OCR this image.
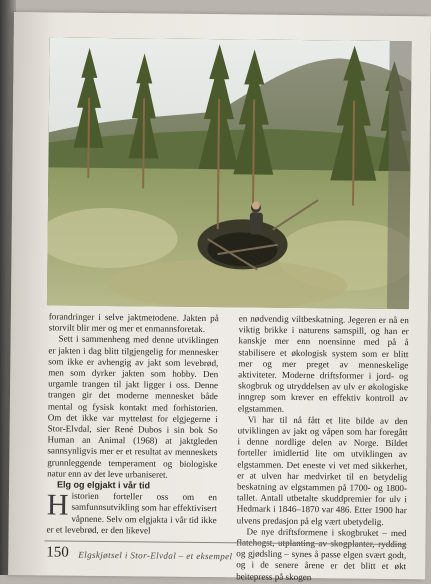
forandringer i selve jaktmetodene. Jakten på storvilt blir mer og mer et enmannsforetak.

Sett i sammenheng med denne utviklingen er jakten i dag blitt tilgjengelig for mennesker som ikke er avhengig av jakt som levebrød, men som dyrker jakten som hobby. Den urgamle trangen til jakt ligger i oss. Denne trangen gir det moderne mennesket både mental og fysisk kontakt med forhistorien. Om det ikke var mytteløst for elgjegerne i Stor-Elvdal, sier René Dubos i sin bok So Human an Animal (1968) at jaktgleden sannsynligvis mer er et resultat av menneskets grunnleggende temperament og biologiske natur enn av det leve urbaniseret.

Elg og elgjakt i vår tid

Historien forteller oss om en samfunnsutvikling som har effektivisert våpnene. Selv om elgjakta i vår tid ikke er et levebrød, er den likevel

en nødvendig viltbeskatning. Jegeren er nå en viktig brikke i naturens samspill, og han er kanskje mer enn noensinne med på å stabilisere et økologisk system som er blitt mer og mer preget av menneskelige aktiviteter. Moderne driftsformer i jord- og skogbruk og utryddelsen av ulv er økologiske inngrep som krever en effektiv kontroll av elgstammen.

Vi har til nå fått et lite bilde av den utviklingen av jakt og våpen som har foregått i denne nordlige delen av Norge. Bildet forteller imidlertid lite om utviklingen av elgstammen. Det eneste vi vet med sikkerhet, er at ulven har medvirket til en betydelig beskatning av elgstammen på 1700- og 1800-tallet. Antall utbetalte skuddpremier for ulv i Hedmark i 1846–1870 var 486. Etter 1900 har ulvens predasjon på elg vært ubetydelig.

De nye driftsformene i skogbruket – med rydding og gjødsling – synes å passe elgen svært godt, og i de senere årene er det blitt et økt beitepress på skogen

150 Elgskjøtsel i Stor-Elvdal – et eksempel
